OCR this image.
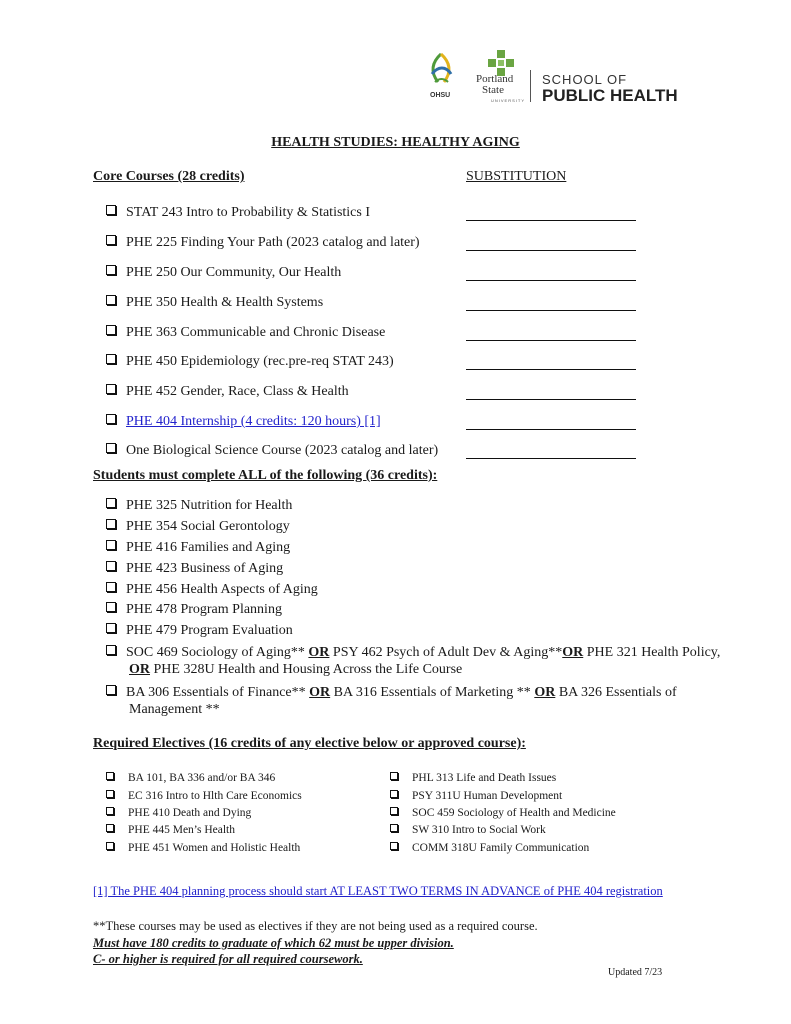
OHSU
Portland
State
UNIVERSITY
SCHOOL OF
PUBLIC HEALTH
HEALTH STUDIES: HEALTHY AGING
Core Courses (28 credits)	SUBSTITUTION
STAT 243 Intro to Probability & Statistics I
PHE 225 Finding Your Path (2023 catalog and later)
PHE 250 Our Community, Our Health
PHE 350 Health & Health Systems
PHE 363 Communicable and Chronic Disease
PHE 450 Epidemiology (rec.pre-req STAT 243)
PHE 452 Gender, Race, Class & Health
PHE 404 Internship (4 credits: 120 hours) [1]
One Biological Science Course (2023 catalog and later)
Students must complete ALL of the following (36 credits):
PHE 325 Nutrition for Health
PHE 354 Social Gerontology
PHE 416 Families and Aging
PHE 423 Business of Aging
PHE 456 Health Aspects of Aging
PHE 478 Program Planning
PHE 479 Program Evaluation
SOC 469 Sociology of Aging** OR PSY 462 Psych of Adult Dev & Aging**OR PHE 321 Health Policy, OR PHE 328U Health and Housing Across the Life Course
BA 306 Essentials of Finance** OR BA 316 Essentials of Marketing ** OR BA 326 Essentials of Management **
Required Electives (16 credits of any elective below or approved course):
BA 101, BA 336 and/or BA 346
EC 316 Intro to Hlth Care Economics
PHE 410 Death and Dying
PHE 445 Men’s Health
PHE 451 Women and Holistic Health
PHL 313 Life and Death Issues
PSY 311U Human Development
SOC 459 Sociology of Health and Medicine
SW 310 Intro to Social Work
COMM 318U Family Communication
[1] The PHE 404 planning process should start AT LEAST TWO TERMS IN ADVANCE of PHE 404 registration
**These courses may be used as electives if they are not being used as a required course.
Must have 180 credits to graduate of which 62 must be upper division.
C- or higher is required for all required coursework.
Updated 7/23
